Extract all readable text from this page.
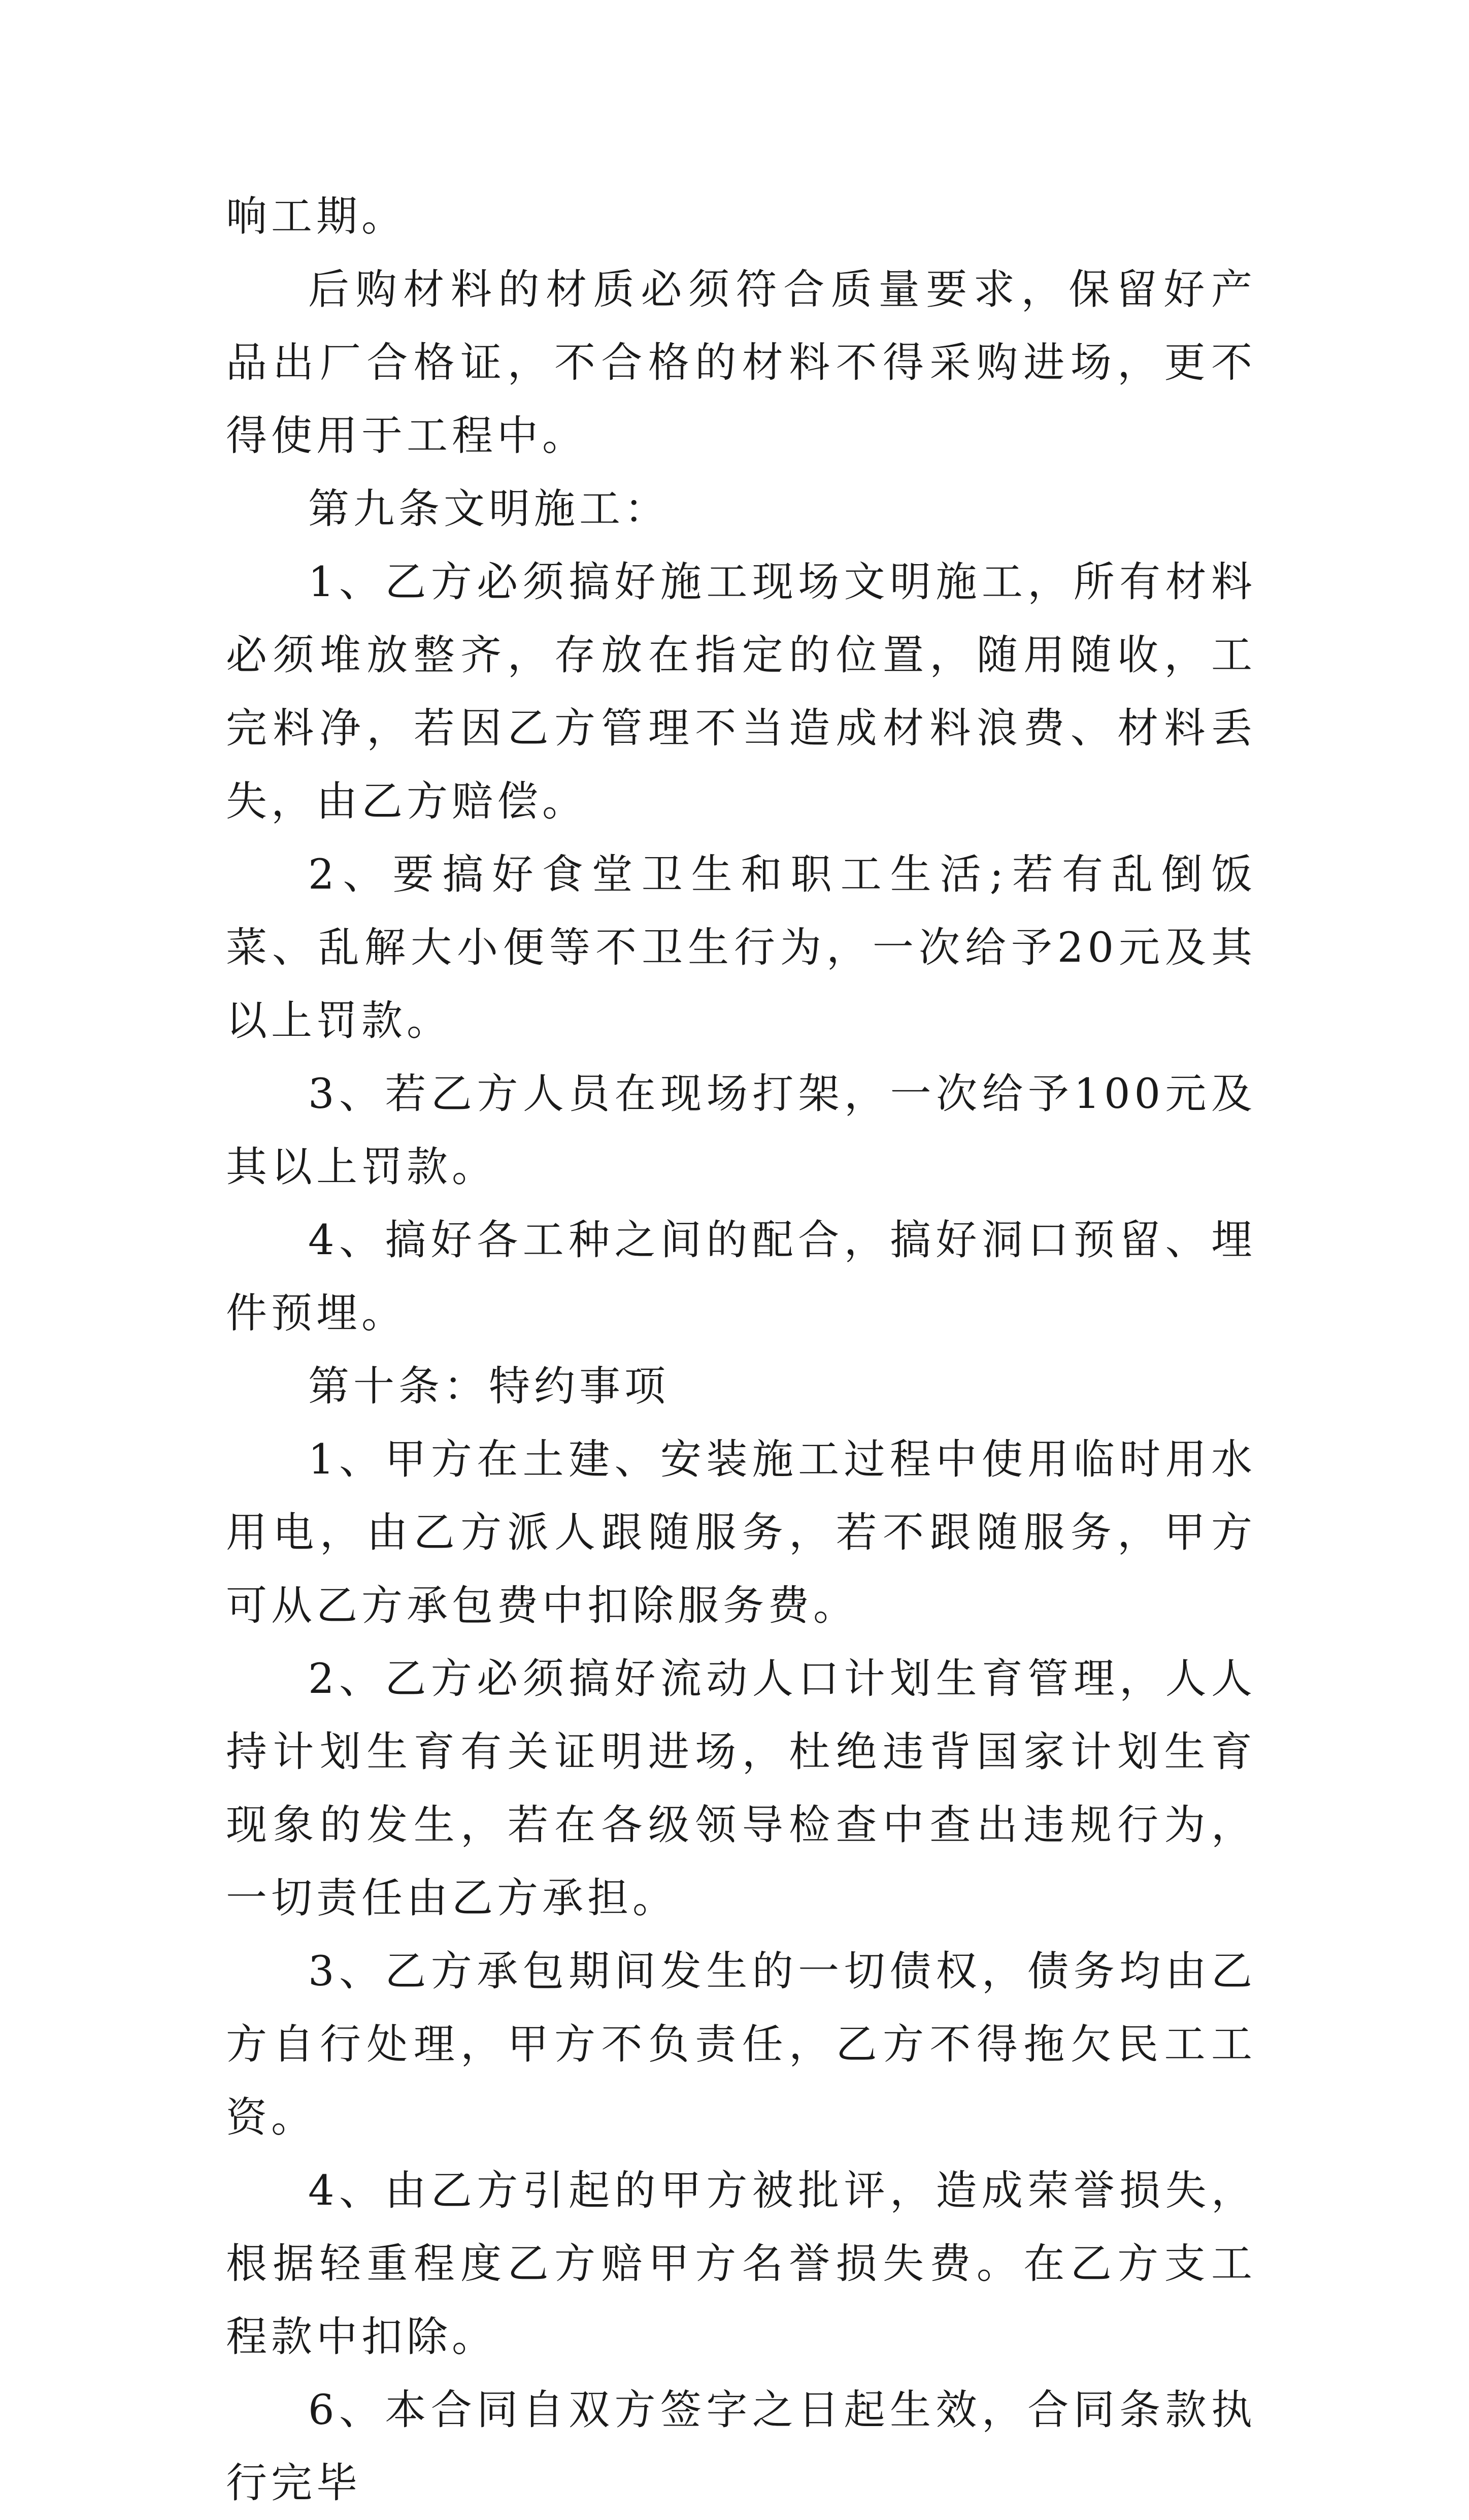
响工期。

后购材料的材质必须符合质量要求，保留好产品出厂合格证，不合格的材料不得采购进场，更不得使用于工程中。

第九条文明施工：

1、乙方必须搞好施工现场文明施工，所有材料必须堆放整齐，存放在指定的位置，随用随收，工完料净，若因乙方管理不当造成材料浪费、材料丢失，由乙方赔偿。

2、要搞好食堂卫生和职工生活;若有乱倒饭菜、乱解大小便等不卫生行为，一次给予20元及其以上罚款。

3、若乙方人员在现场打架，一次给予100元及其以上罚款。

4、搞好各工种之间的配合，搞好洞口预留、埋件预埋。

第十条：特约事项

1、甲方在土建、安装施工过程中使用临时用水用电，由乙方派人跟随服务，若不跟随服务，甲方可从乙方承包费中扣除服务费。

2、乙方必须搞好流动人口计划生育管理，人人持计划生育有关证明进场，杜绝违背国家计划生育现象的发生，若在各级领导检查中查出违规行为，一切责任由乙方承担。

3、乙方承包期间发生的一切债权，债务均由乙方自行处理，甲方不负责任，乙方不得拖欠民工工资。

4、由乙方引起的甲方被批评，造成荣誉损失，根据轻重程度乙方赔甲方名誉损失费。在乙方支工程款中扣除。

6、本合同自双方签字之日起生效，合同条款执行完毕
